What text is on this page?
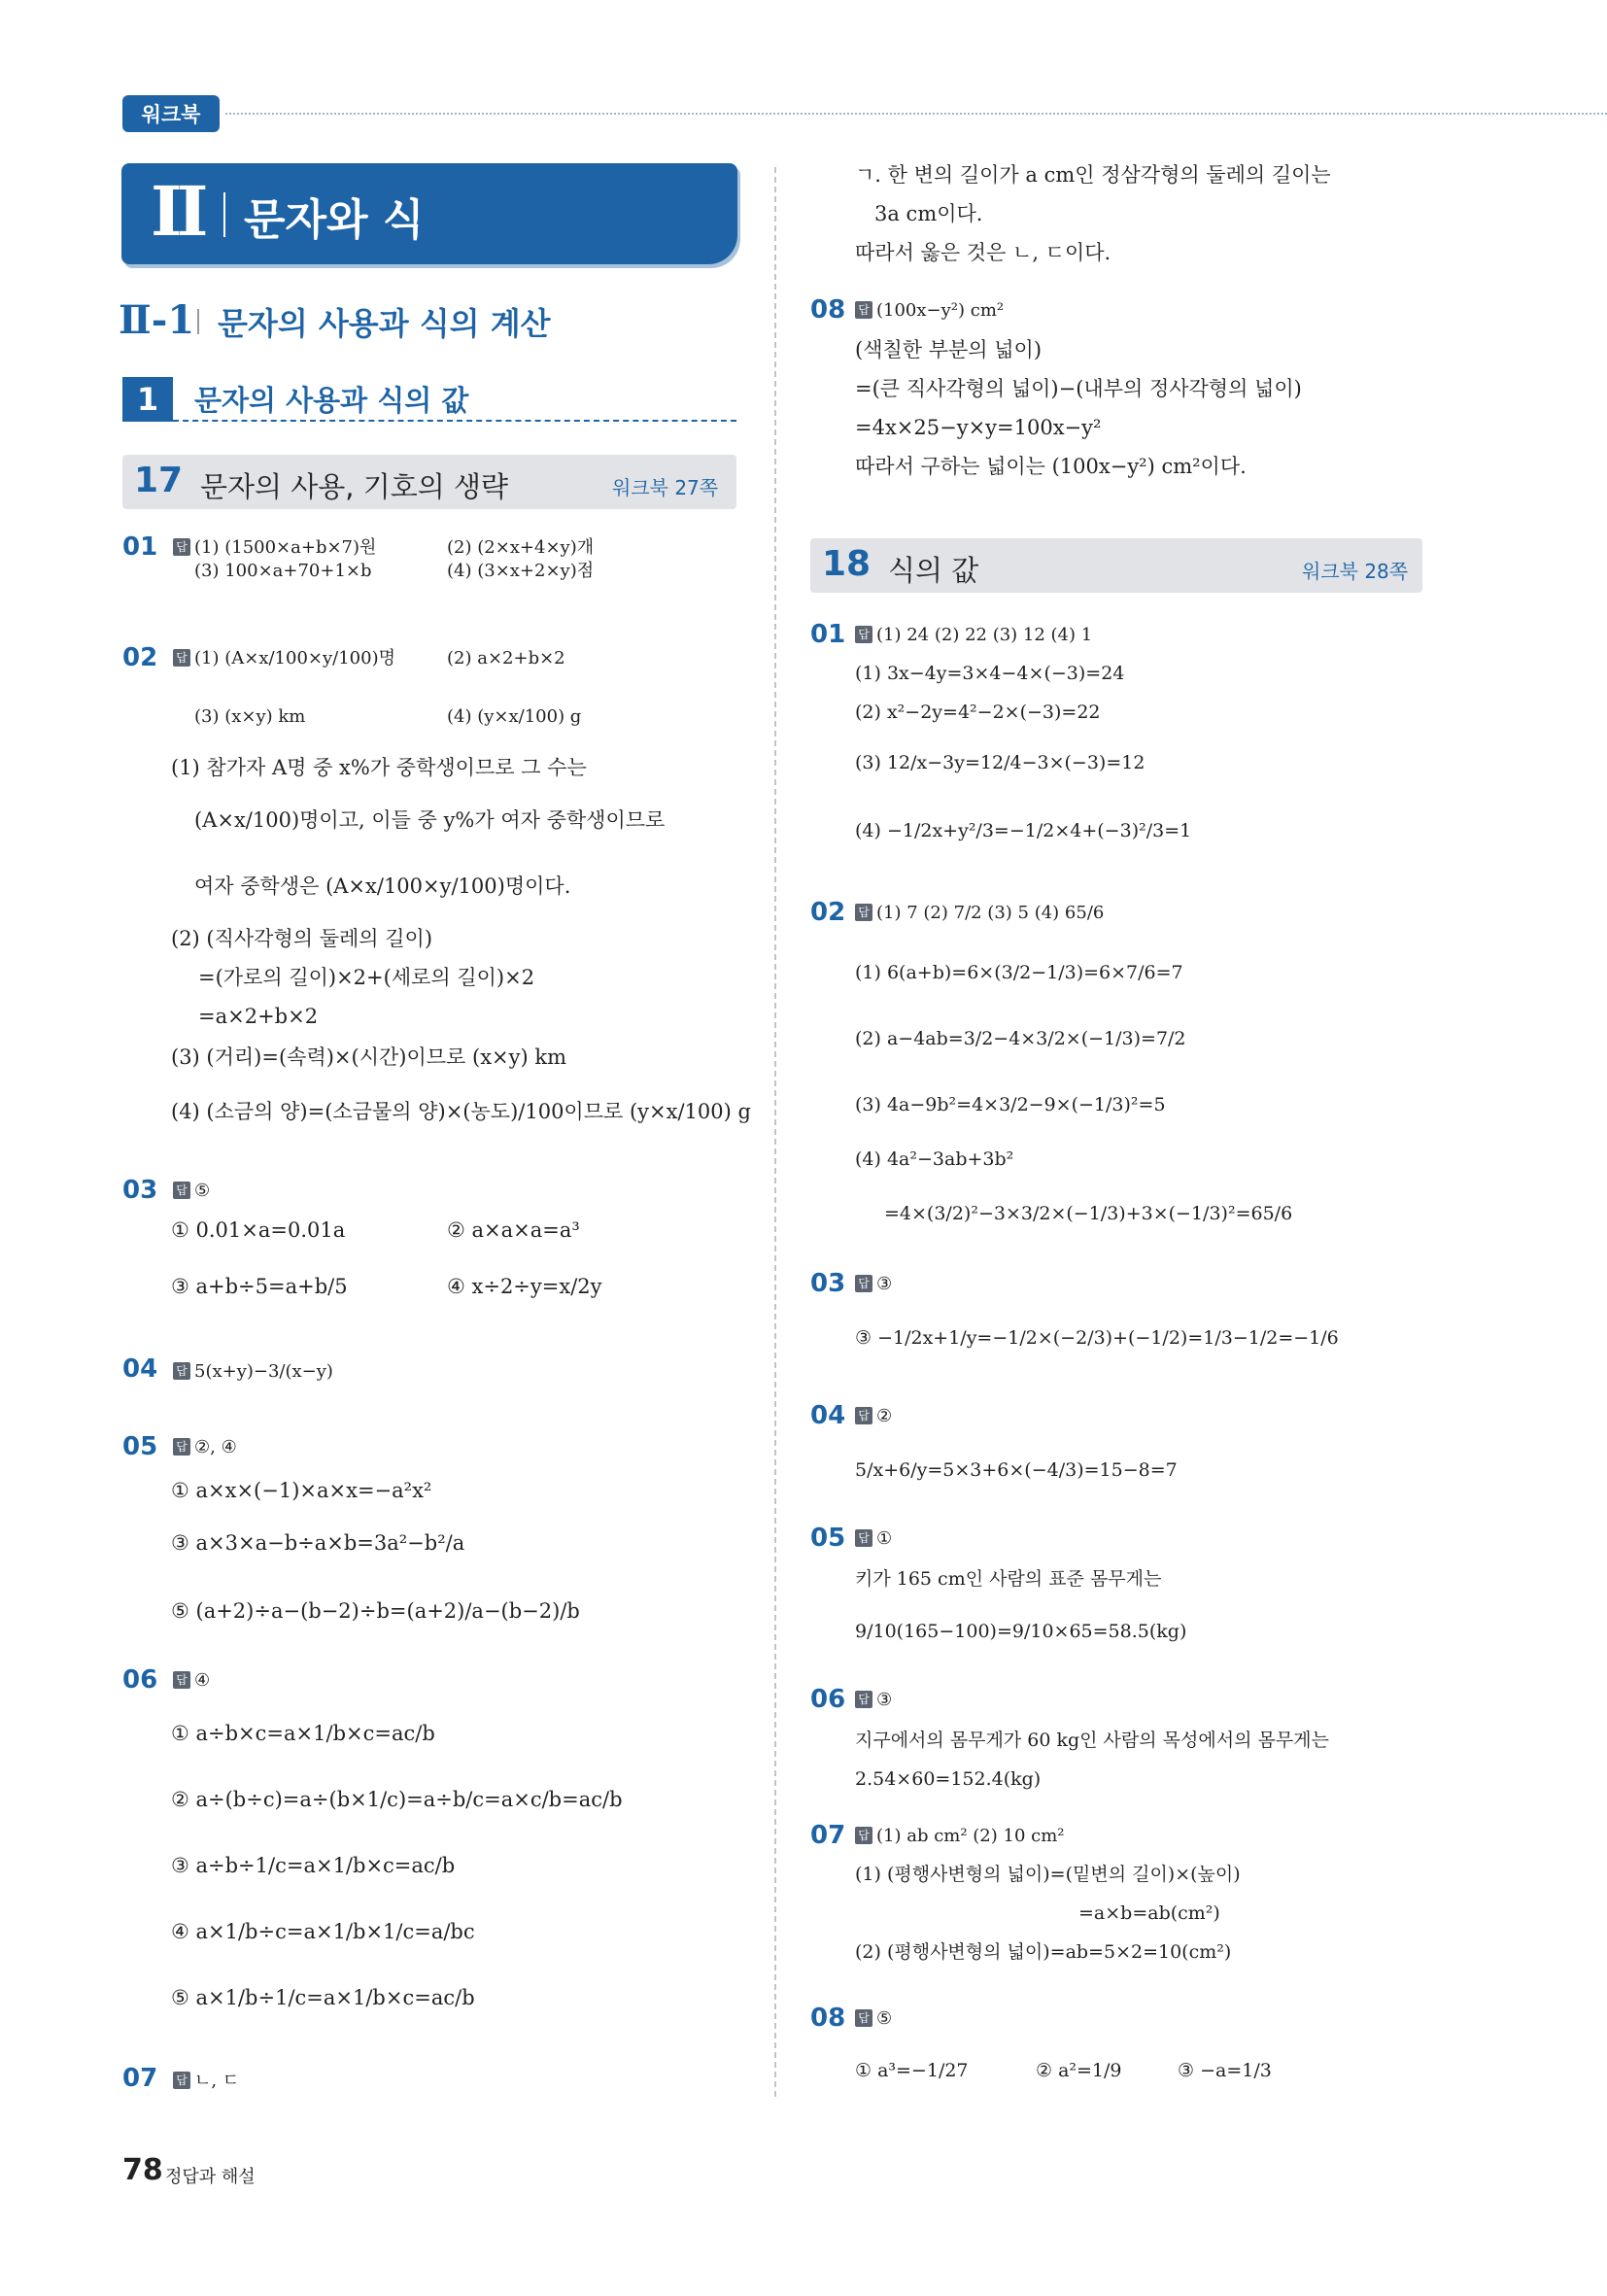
워크북
II 문자와 식
Ⅱ-1 문자의 사용과 식의 계산
1	문자의 사용과 식의 값
17 문자의 사용, 기호의 생략	워크북 27쪽
01 답 (1) (1500×a+b×7)원	(2) (2×x+4×y)개
(3) 100×a+70+1×b	(4) (3×x+2×y)점
02 답 (1) (A×x/100×y/100)명	(2) a×2+b×2
(3) (x×y) km	(4) (y×x/100) g
(1) 참가자 A명 중 x%가 중학생이므로 그 수는
(A×x/100)명이고, 이들 중 y%가 여자 중학생이므로
여자 중학생은 (A×x/100×y/100)명이다.
(2) (직사각형의 둘레의 길이)
=(가로의 길이)×2+(세로의 길이)×2
=a×2+b×2
(3) (거리)=(속력)×(시간)이므로 (x×y) km
(4) (소금의 양)=(소금물의 양)×(농도)/100이므로 (y×x/100) g
03 답 ⑤
① 0.01×a=0.01a	② a×a×a=a³
③ a+b÷5=a+b/5	④ x÷2÷y=x/2y
04 답 5(x+y)−3/(x−y)
05 답 ②, ④
① a×x×(−1)×a×x=−a²x²
③ a×3×a−b÷a×b=3a²−b²/a
⑤ (a+2)÷a−(b−2)÷b=(a+2)/a−(b−2)/b
06 답 ④
① a÷b×c=a×1/b×c=ac/b
② a÷(b÷c)=a÷(b×1/c)=a÷b/c=a×c/b=ac/b
③ a÷b÷1/c=a×1/b×c=ac/b
④ a×1/b÷c=a×1/b×1/c=a/bc
⑤ a×1/b÷1/c=a×1/b×c=ac/b
07 답 ㄴ, ㄷ
ㄱ. 한 변의 길이가 a cm인 정삼각형의 둘레의 길이는
3a cm이다.
따라서 옳은 것은 ㄴ, ㄷ이다.
08 답 (100x−y²) cm²
(색칠한 부분의 넓이)
=(큰 직사각형의 넓이)−(내부의 정사각형의 넓이)
=4x×25−y×y=100x−y²
따라서 구하는 넓이는 (100x−y²) cm²이다.
18 식의 값	워크북 28쪽
01 답 (1) 24 (2) 22 (3) 12 (4) 1
(1) 3x−4y=3×4−4×(−3)=24
(2) x²−2y=4²−2×(−3)=22
(3) 12/x−3y=12/4−3×(−3)=12
(4) −1/2x+y²/3=−1/2×4+(−3)²/3=1
02 답 (1) 7 (2) 7/2 (3) 5 (4) 65/6
(1) 6(a+b)=6×(3/2−1/3)=6×7/6=7
(2) a−4ab=3/2−4×3/2×(−1/3)=7/2
(3) 4a−9b²=4×3/2−9×(−1/3)²=5
(4) 4a²−3ab+3b²
=4×(3/2)²−3×3/2×(−1/3)+3×(−1/3)²=65/6
03 답 ③
③ −1/2x+1/y=−1/2×(−2/3)+(−1/2)=1/3−1/2=−1/6
04 답 ②
5/x+6/y=5×3+6×(−4/3)=15−8=7
05 답 ①
키가 165 cm인 사람의 표준 몸무게는
9/10(165−100)=9/10×65=58.5(kg)
06 답 ③
지구에서의 몸무게가 60 kg인 사람의 목성에서의 몸무게는
2.54×60=152.4(kg)
07 답 (1) ab cm² (2) 10 cm²
(1) (평행사변형의 넓이)=(밑변의 길이)×(높이)
=a×b=ab(cm²)
(2) (평행사변형의 넓이)=ab=5×2=10(cm²)
08 답 ⑤
① a³=−1/27	② a²=1/9	③ −a=1/3
78 정답과 해설
